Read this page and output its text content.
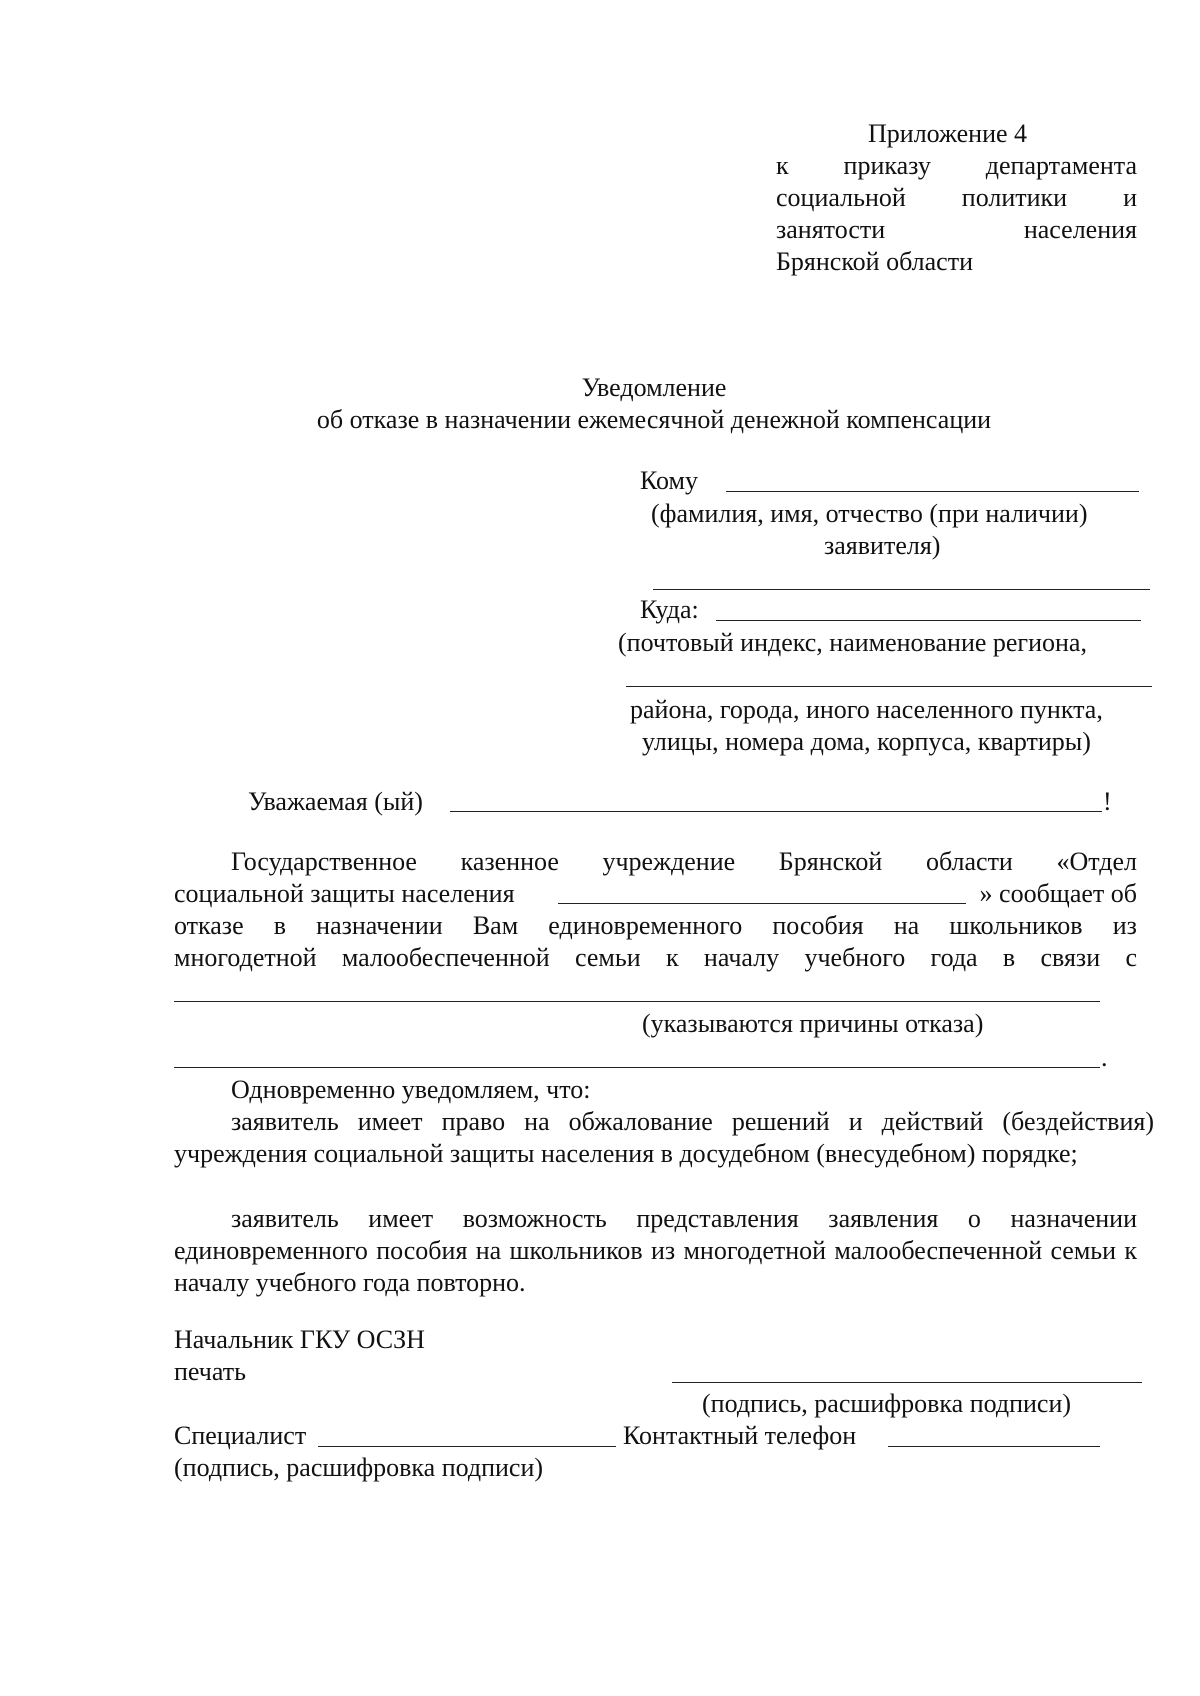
Приложение 4
к приказу департамента
социальной политики и
занятости	населения
Брянской области
Уведомление
об отказе в назначении ежемесячной денежной компенсации
Кому
(фамилия, имя, отчество (при наличии)
заявителя)
Куда:
(почтовый индекс, наименование региона,
района, города, иного населенного пункта,
улицы, номера дома, корпуса, квартиры)
Уважаемая (ый)	!
Государственное казенное учреждение Брянской области «Отдел
социальной защиты населения	» сообщает об
отказе в назначении Вам единовременного пособия на школьников из
многодетной малообеспеченной семьи к началу учебного года в связи с
(указываются причины отказа)
.
Одновременно уведомляем, что:
заявитель имеет право на обжалование решений и действий (бездействия) учреждения социальной защиты населения в досудебном (внесудебном) порядке;
заявитель имеет возможность представления заявления о назначении единовременного пособия на школьников из многодетной малообеспеченной семьи к началу учебного года повторно.
Начальник ГКУ ОСЗН
печать
(подпись, расшифровка подписи)
Специалист	Контактный телефон
(подпись, расшифровка подписи)
